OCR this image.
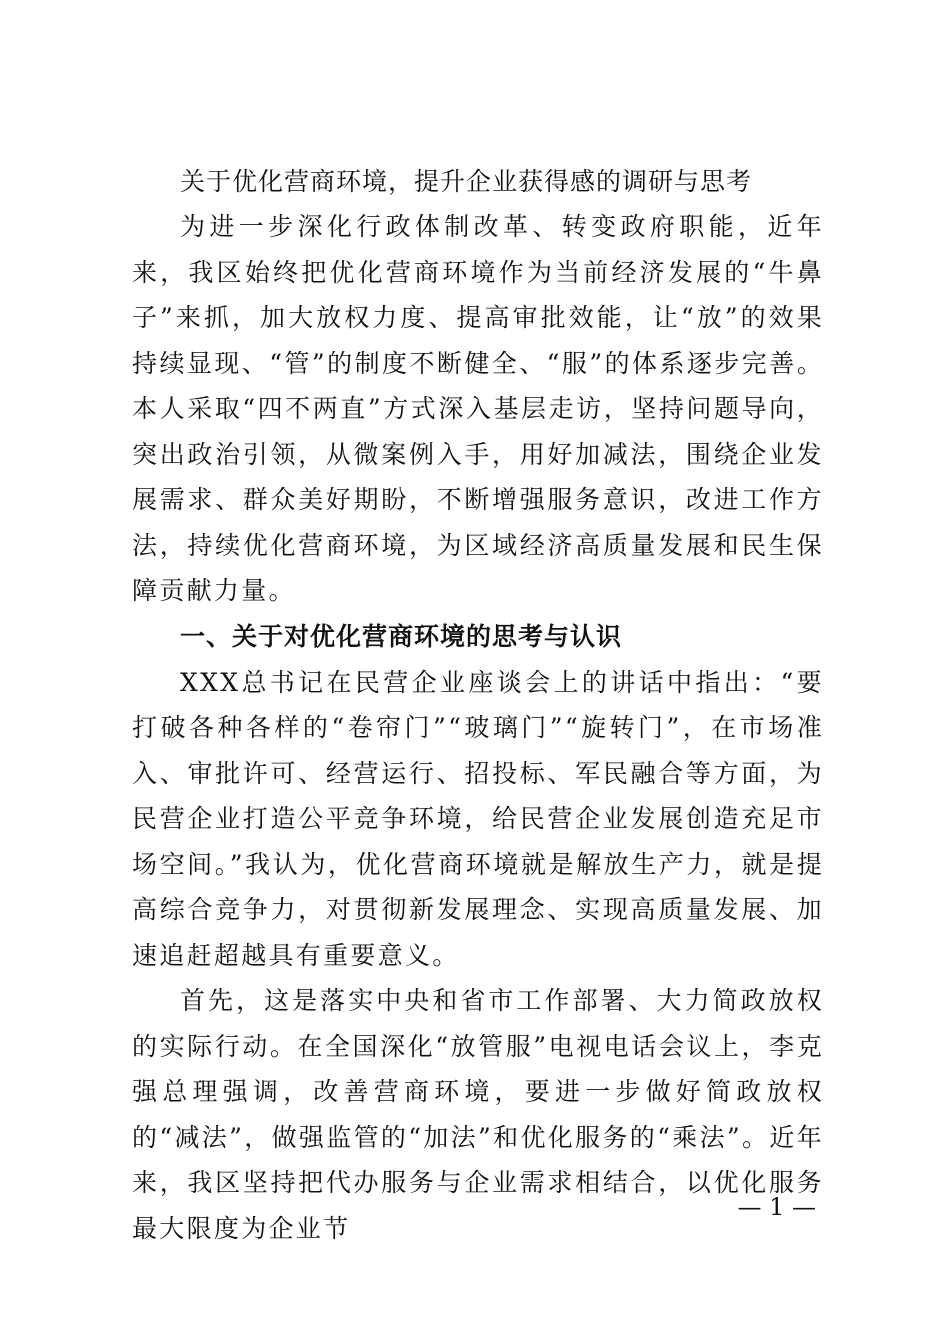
关于优化营商环境，提升企业获得感的调研与思考

为进一步深化行政体制改革、转变政府职能，近年来，我区始终把优化营商环境作为当前经济发展的“牛鼻子”来抓，加大放权力度、提高审批效能，让“放”的效果持续显现、“管”的制度不断健全、“服”的体系逐步完善。本人采取“四不两直”方式深入基层走访，坚持问题导向，突出政治引领，从微案例入手，用好加减法，围绕企业发展需求、群众美好期盼，不断增强服务意识，改进工作方法，持续优化营商环境，为区域经济高质量发展和民生保障贡献力量。

一、关于对优化营商环境的思考与认识

XXX总书记在民营企业座谈会上的讲话中指出：“要打破各种各样的“卷帘门”“玻璃门”“旋转门”，在市场准入、审批许可、经营运行、招投标、军民融合等方面，为民营企业打造公平竞争环境，给民营企业发展创造充足市场空间。”我认为，优化营商环境就是解放生产力，就是提高综合竞争力，对贯彻新发展理念、实现高质量发展、加速追赶超越具有重要意义。

首先，这是落实中央和省市工作部署、大力简政放权的实际行动。在全国深化“放管服”电视电话会议上，李克强总理强调，改善营商环境，要进一步做好简政放权的“减法”，做强监管的“加法”和优化服务的“乘法”。近年来，我区坚持把代办服务与企业需求相结合，以优化服务最大限度为企业节

— 1 —
